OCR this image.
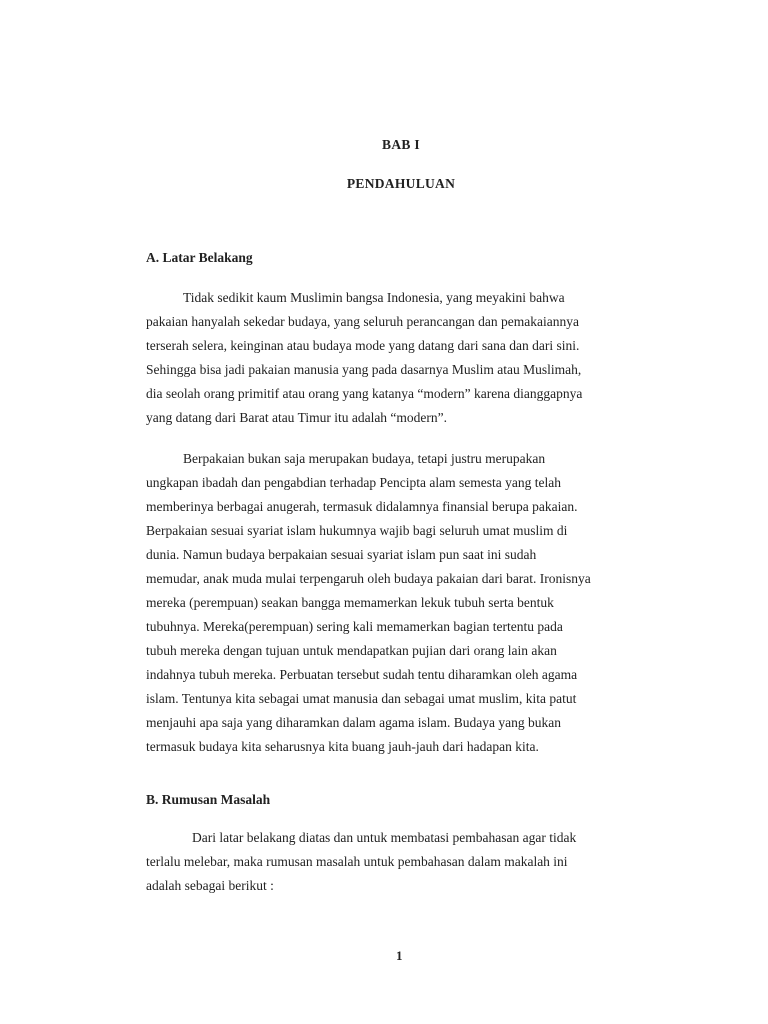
BAB I
PENDAHULUAN
A. Latar Belakang

Tidak sedikit kaum Muslimin bangsa Indonesia, yang meyakini bahwa
pakaian hanyalah sekedar budaya, yang seluruh perancangan dan pemakaiannya
terserah selera, keinginan atau budaya mode yang datang dari sana dan dari sini.
Sehingga bisa jadi pakaian manusia yang pada dasarnya Muslim atau Muslimah,
dia seolah orang primitif atau orang yang katanya “modern” karena dianggapnya
yang datang dari Barat atau Timur itu adalah “modern”.

Berpakaian bukan saja merupakan budaya, tetapi justru merupakan
ungkapan ibadah dan pengabdian terhadap Pencipta alam semesta yang telah
memberinya berbagai anugerah, termasuk didalamnya finansial berupa pakaian.
Berpakaian sesuai syariat islam hukumnya wajib bagi seluruh umat muslim di
dunia. Namun budaya berpakaian sesuai syariat islam pun saat ini sudah
memudar, anak muda mulai terpengaruh oleh budaya pakaian dari barat. Ironisnya
mereka (perempuan) seakan bangga memamerkan lekuk tubuh serta bentuk
tubuhnya. Mereka(perempuan) sering kali memamerkan bagian tertentu pada
tubuh mereka dengan tujuan untuk mendapatkan pujian dari orang lain akan
indahnya tubuh mereka. Perbuatan tersebut sudah tentu diharamkan oleh agama
islam. Tentunya kita sebagai umat manusia dan sebagai umat muslim, kita patut
menjauhi apa saja yang diharamkan dalam agama islam. Budaya yang bukan
termasuk budaya kita seharusnya kita buang jauh-jauh dari hadapan kita.

B. Rumusan Masalah

Dari latar belakang diatas dan untuk membatasi pembahasan agar tidak
terlalu melebar, maka rumusan masalah untuk pembahasan dalam makalah ini
adalah sebagai berikut :

1
